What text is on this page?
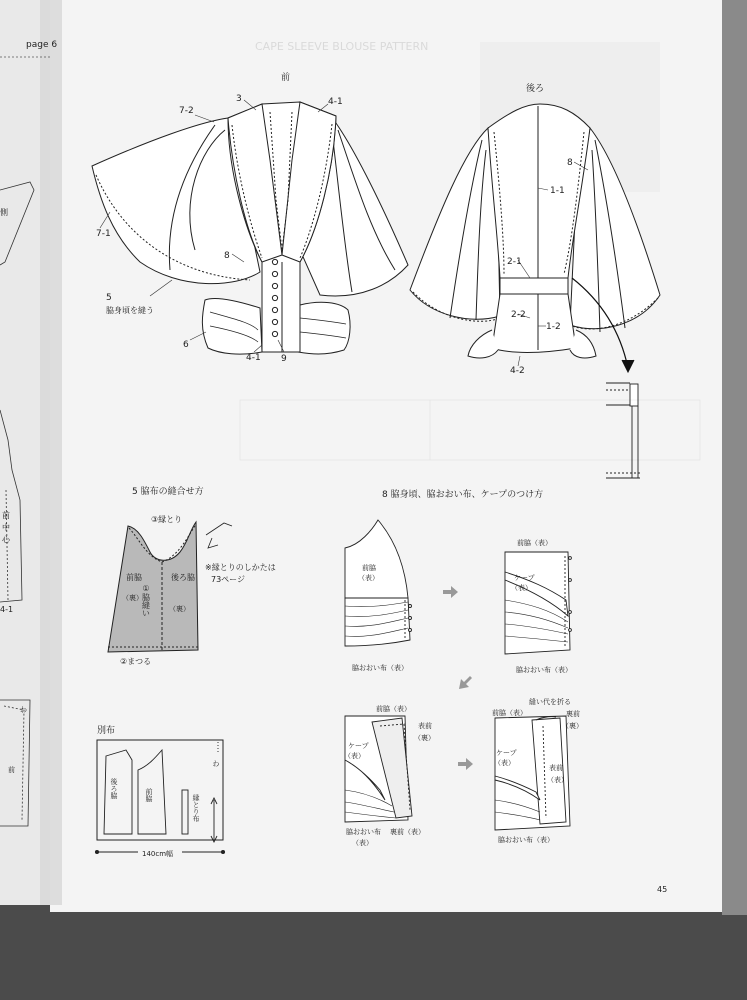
page 6
側
前
中
心
4-1
わ
前
CAPE SLEEVE BLOUSE PATTERN
前
7-2
3	4-1
7-1
8
5
脇身頃を縫う
6
4-1 9
後ろ
8
1-1
2-1
2-2
1-2
4-2
5 脇布の縫合せ方
③縁とり
前脇
（裏）
①脇縫い
後ろ脇
（裏）
②まつる
※縁とりのしかたは
73ページ
8 脇身頃、脇おおい布、ケープのつけ方
前脇
（表）
脇おおい布（表）
前脇（表）
ケープ
（表）
脇おおい布（表）
前脇（表）
表前
（裏）
ケープ
（表）
脇おおい布
（表）
裏前（表）
縫い代を折る
前脇（表）	裏前
（裏）
ケープ
（表）
表前
（表）
脇おおい布（表）
別布
後ろ脇	前脇	縁とり布
わ
140cm幅
45
